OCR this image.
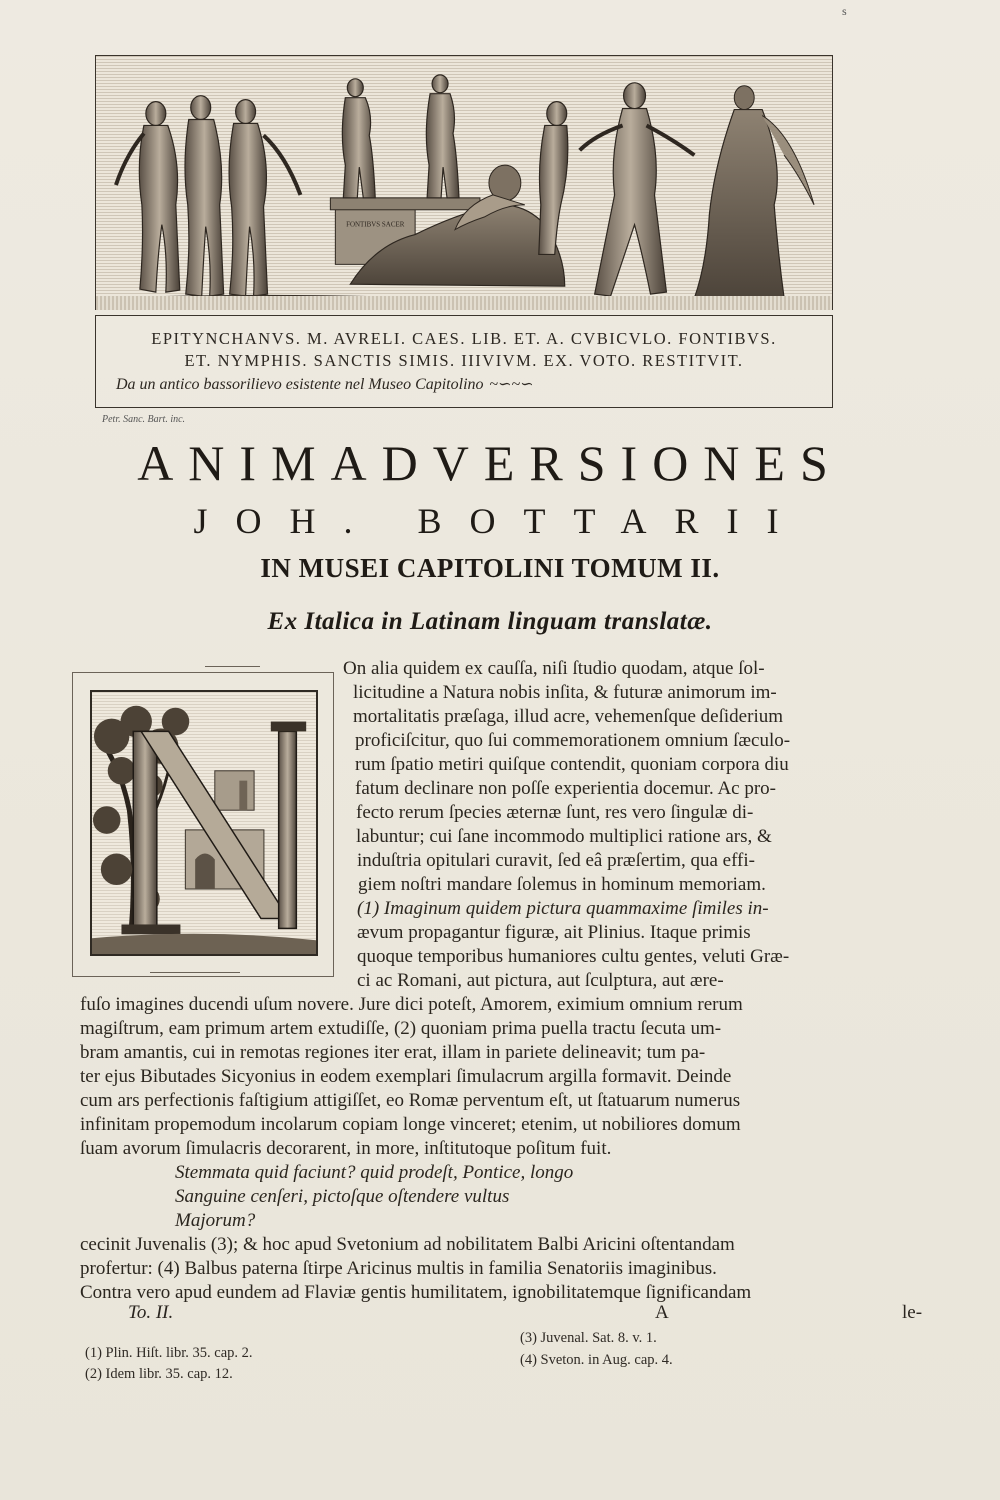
s
FONTIBVS SACER
EPITYNCHANVS. M. AVRELI. CAES. LIB. ET. A. CVBICVLO. FONTIBVS.
ET. NYMPHIS. SANCTIS SIMIS. IIIVIVM. EX. VOTO. RESTITVIT.
Da un antico bassorilievo esistente nel Museo Capitolino ~∽~∽
Petr. Sanc. Bart. inc.
ANIMADVERSIONES
JOH. BOTTARII
IN MUSEI CAPITOLINI TOMUM II.
Ex Italica in Latinam linguam translatæ.
On alia quidem ex cauſſa, niſi ſtudio quodam, atque ſol-
licitudine a Natura nobis inſita, & futuræ animorum im-
mortalitatis præſaga, illud acre, vehemenſque deſiderium
proficiſcitur, quo ſui commemorationem omnium ſæculo-
rum ſpatio metiri quiſque contendit, quoniam corpora diu
fatum declinare non poſſe experientia docemur. Ac pro-
fecto rerum ſpecies æternæ ſunt, res vero ſingulæ di-
labuntur; cui ſane incommodo multiplici ratione ars, &
induſtria opitulari curavit, ſed eâ præſertim, qua effi-
giem noſtri mandare ſolemus in hominum memoriam.
(1) Imaginum quidem pictura quammaxime ſimiles in-
ævum propagantur figuræ, ait Plinius. Itaque primis
quoque temporibus humaniores cultu gentes, veluti Græ-
ci ac Romani, aut pictura, aut ſculptura, aut ære-
fuſo imagines ducendi uſum novere. Jure dici poteſt, Amorem, eximium omnium rerum
magiſtrum, eam primum artem extudiſſe, (2) quoniam prima puella tractu ſecuta um-
bram amantis, cui in remotas regiones iter erat, illam in pariete delineavit; tum pa-
ter ejus Bibutades Sicyonius in eodem exemplari ſimulacrum argilla formavit. Deinde
cum ars perfectionis faſtigium attigiſſet, eo Romæ perventum eſt, ut ſtatuarum numerus
infinitam propemodum incolarum copiam longe vinceret; etenim, ut nobiliores domum
ſuam avorum ſimulacris decorarent, in more, inſtitutoque poſitum fuit.
Stemmata quid faciunt? quid prodeſt, Pontice, longo
Sanguine cenſeri, pictoſque oſtendere vultus
Majorum?
cecinit Juvenalis (3); & hoc apud Svetonium ad nobilitatem Balbi Aricini oſtentandam
profertur: (4) Balbus paterna ſtirpe Aricinus multis in familia Senatoriis imaginibus.
Contra vero apud eundem ad Flaviæ gentis humilitatem, ignobilitatemque ſignificandam
To. II.	A	le-
(1) Plin. Hiſt. libr. 35. cap. 2.
(2) Idem libr. 35. cap. 12.
(3) Juvenal. Sat. 8. v. 1.
(4) Sveton. in Aug. cap. 4.
